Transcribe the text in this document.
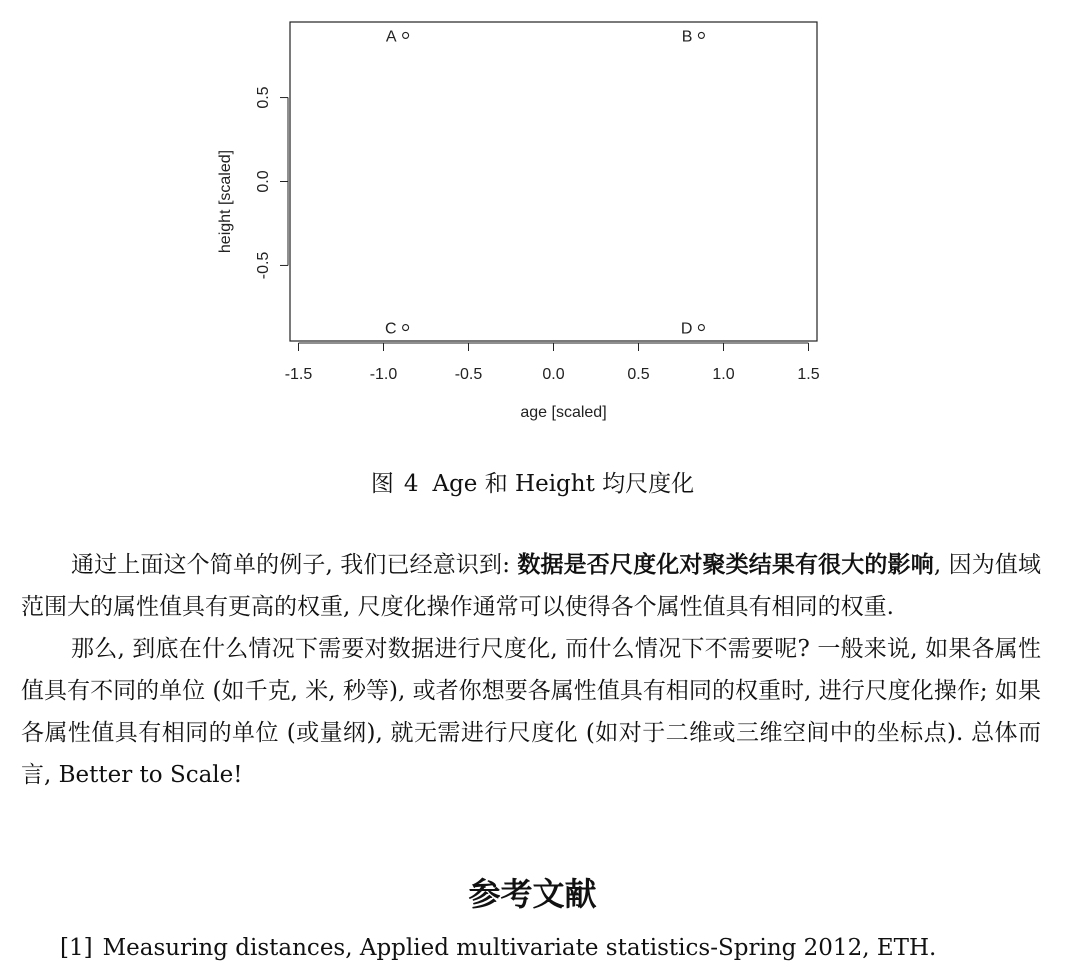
-1.5	-1.0	-0.5	0.0	0.5	1.0	1.5
age [scaled]
-0.5
0.0
0.5
height [scaled]
A	B
C	D
图 4 Age 和 Height 均尺度化

通过上面这个简单的例子, 我们已经意识到: 数据是否尺度化对聚类结果有很大的影响, 因为值域范围大的属性值具有更高的权重, 尺度化操作通常可以使得各个属性值具有相同的权重.

那么, 到底在什么情况下需要对数据进行尺度化, 而什么情况下不需要呢? 一般来说, 如果各属性值具有不同的单位 (如千克, 米, 秒等), 或者你想要各属性值具有相同的权重时, 进行尺度化操作; 如果各属性值具有相同的单位 (或量纲), 就无需进行尺度化 (如对于二维或三维空间中的坐标点). 总体而言, Better to Scale!

参考文献
[1] Measuring distances, Applied multivariate statistics-Spring 2012, ETH.
